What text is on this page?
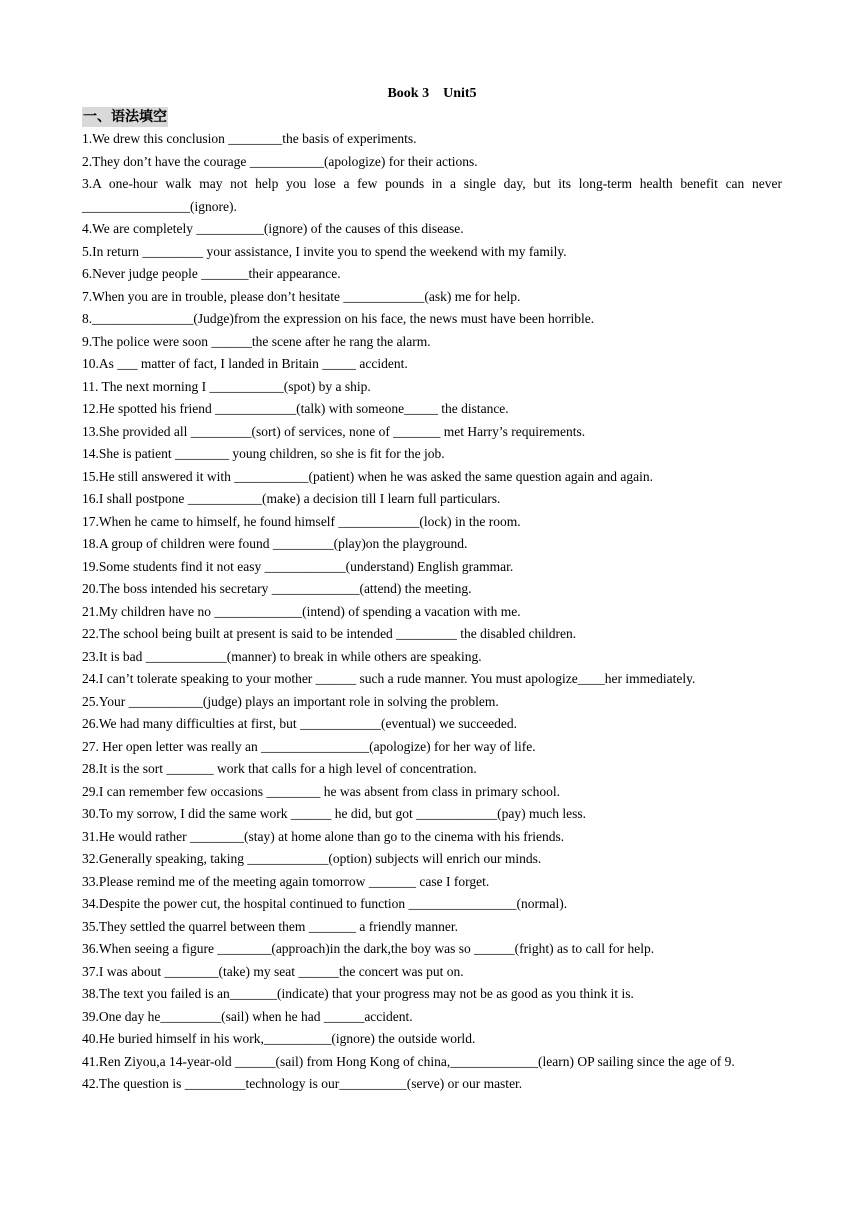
Book 3    Unit5
一、语法填空

1.We drew this conclusion ________the basis of experiments.

2.They don’t have the courage ___________(apologize) for their actions.

3.A one-hour walk may not help you lose a few pounds in a single day, but its long-term health benefit can never ________________(ignore).

4.We are completely __________(ignore) of the causes of this disease.

5.In return _________ your assistance, I invite you to spend the weekend with my family.

6.Never judge people _______their appearance.

7.When you are in trouble, please don’t hesitate ____________(ask) me for help.

8._______________(Judge)from the expression on his face, the news must have been horrible.

9.The police were soon ______the scene after he rang the alarm.

10.As ___ matter of fact, I landed in Britain _____ accident.

11. The next morning I ___________(spot) by a ship.

12.He spotted his friend ____________(talk) with someone_____ the distance.

13.She provided all _________(sort) of services, none of _______ met Harry’s requirements.

14.She is patient ________ young children, so she is fit for the job.

15.He still answered it with ___________(patient) when he was asked the same question again and again.

16.I shall postpone ___________(make) a decision till I learn full particulars.

17.When he came to himself, he found himself ____________(lock) in the room.

18.A group of children were found _________(play)on the playground.

19.Some students find it not easy ____________(understand) English grammar.

20.The boss intended his secretary _____________(attend) the meeting.

21.My children have no _____________(intend) of spending a vacation with me.

22.The school being built at present is said to be intended _________ the disabled children.

23.It is bad ____________(manner) to break in while others are speaking.

24.I can’t tolerate speaking to your mother ______ such a rude manner. You must apologize____her immediately.

25.Your ___________(judge) plays an important role in solving the problem.

26.We had many difficulties at first, but ____________(eventual) we succeeded.

27. Her open letter was really an ________________(apologize) for her way of life.

28.It is the sort _______ work that calls for a high level of concentration.

29.I can remember few occasions ________ he was absent from class in primary school.

30.To my sorrow, I did the same work ______ he did, but got ____________(pay) much less.

31.He would rather ________(stay) at home alone than go to the cinema with his friends.

32.Generally speaking, taking ____________(option) subjects will enrich our minds.

33.Please remind me of the meeting again tomorrow _______ case I forget.

34.Despite the power cut, the hospital continued to function ________________(normal).

35.They settled the quarrel between them _______ a friendly manner.

36.When seeing a figure ________(approach)in the dark,the boy was so ______(fright) as to call for help.

37.I was about ________(take) my seat ______the concert was put on.

38.The text you failed is an_______(indicate) that your progress may not be as good as you think it is.

39.One day he_________(sail) when he had ______accident.

40.He buried himself in his work,__________(ignore) the outside world.

41.Ren Ziyou,a 14-year-old ______(sail) from Hong Kong of china,_____________(learn) OP sailing since the age of 9.

42.The question is _________technology is our__________(serve) or our master.
